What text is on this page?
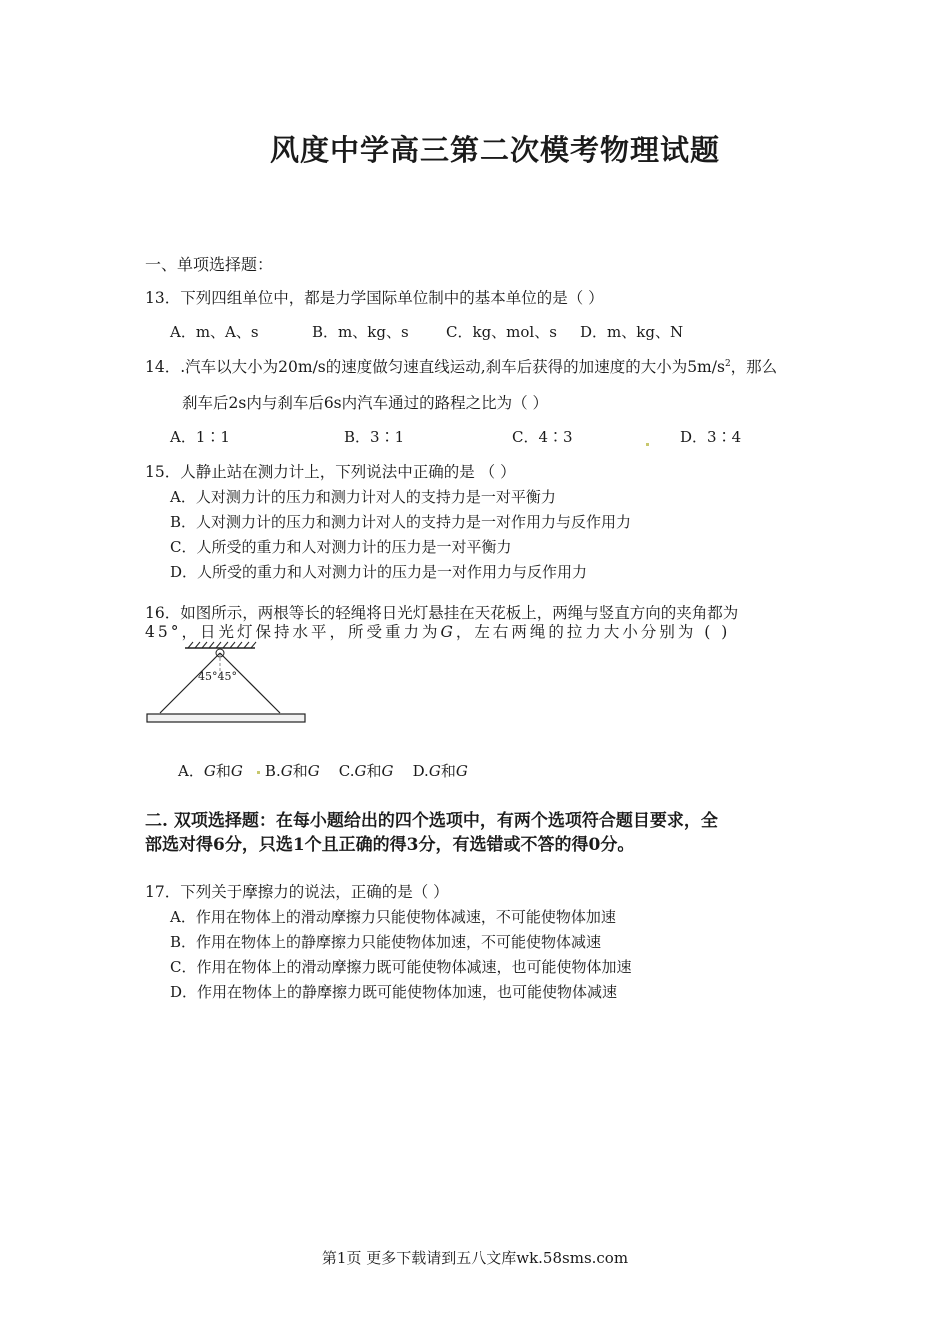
风度中学高三第二次模考物理试题
一、单项选择题：
13．下列四组单位中，都是力学国际单位制中的基本单位的是（ ）
A．m、A、s	B．m、kg、s C．kg、mol、s D．m、kg、N
14．.汽车以大小为20m/s的速度做匀速直线运动,刹车后获得的加速度的大小为$5m/s^2$，那么
刹车后2s内与刹车后6s内汽车通过的路程之比为（ ）
A．1∶1	B．3∶1	C．4∶3	D．3∶4
15．人静止站在测力计上，下列说法中正确的是 （ ）
A．人对测力计的压力和测力计对人的支持力是一对平衡力
B．人对测力计的压力和测力计对人的支持力是一对作用力与反作用力
C．人所受的重力和人对测力计的压力是一对平衡力
D．人所受的重力和人对测力计的压力是一对作用力与反作用力
16．如图所示，两根等长的轻绳将日光灯悬挂在天花板上，两绳与竖直方向的夹角都为
45°，日光灯保持水平，所受重力为G，左右两绳的拉力大小分别为 ( )
45°45°
A．G和G B.G和G C.G和G D.G和G
二. 双项选择题：在每小题给出的四个选项中，有两个选项符合题目要求，全
部选对得6分，只选1个且正确的得3分，有选错或不答的得0分。
17．下列关于摩擦力的说法，正确的是（ ）
A．作用在物体上的滑动摩擦力只能使物体减速，不可能使物体加速
B．作用在物体上的静摩擦力只能使物体加速，不可能使物体减速
C．作用在物体上的滑动摩擦力既可能使物体减速，也可能使物体加速
D．作用在物体上的静摩擦力既可能使物体加速，也可能使物体减速
第1页 更多下载请到五八文库wk.58sms.com
